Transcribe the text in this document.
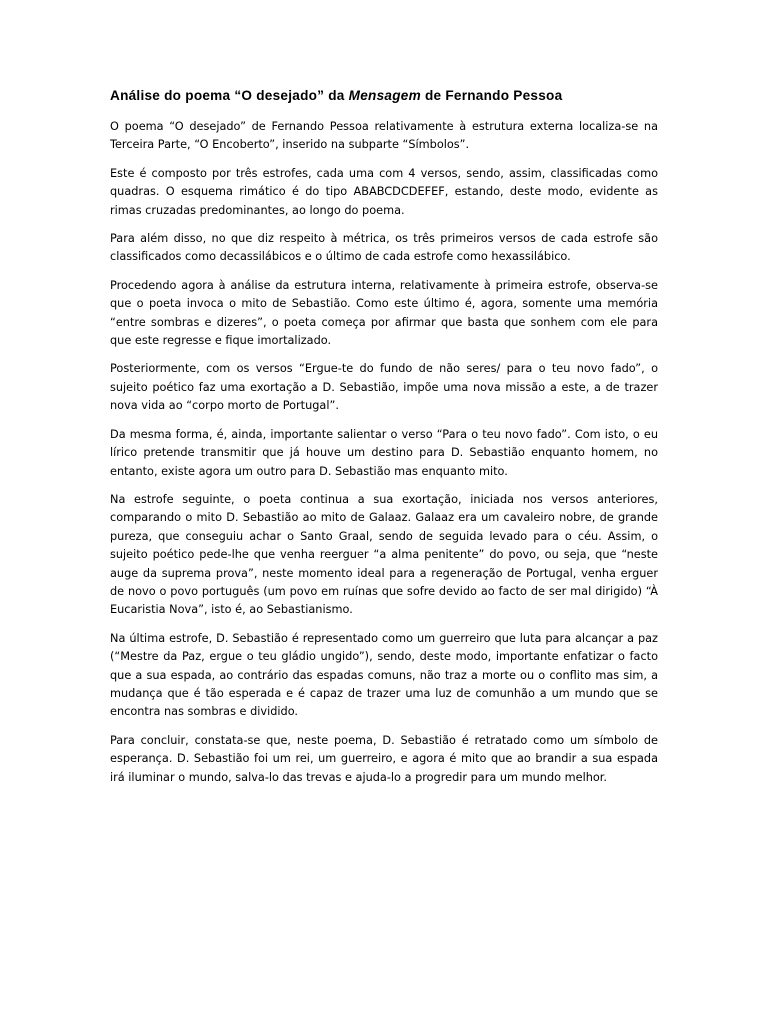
Análise do poema “O desejado” da Mensagem de Fernando Pessoa

O poema “O desejado” de Fernando Pessoa relativamente à estrutura externa localiza-se na Terceira Parte, “O Encoberto”, inserido na subparte “Símbolos”.

Este é composto por três estrofes, cada uma com 4 versos, sendo, assim, classificadas como quadras. O esquema rimático é do tipo ABABCDCDEFEF, estando, deste modo, evidente as rimas cruzadas predominantes, ao longo do poema.

Para além disso, no que diz respeito à métrica, os três primeiros versos de cada estrofe são classificados como decassilábicos e o último de cada estrofe como hexassilábico.

Procedendo agora à análise da estrutura interna, relativamente à primeira estrofe, observa-se que o poeta invoca o mito de Sebastião. Como este último é, agora, somente uma memória “entre sombras e dizeres”, o poeta começa por afirmar que basta que sonhem com ele para que este regresse e fique imortalizado.

Posteriormente, com os versos “Ergue-te do fundo de não seres/ para o teu novo fado”, o sujeito poético faz uma exortação a D. Sebastião, impõe uma nova missão a este, a de trazer nova vida ao “corpo morto de Portugal”.

Da mesma forma, é, ainda, importante salientar o verso “Para o teu novo fado”. Com isto, o eu lírico pretende transmitir que já houve um destino para D. Sebastião enquanto homem, no entanto, existe agora um outro para D. Sebastião mas enquanto mito.

Na estrofe seguinte, o poeta continua a sua exortação, iniciada nos versos anteriores, comparando o mito D. Sebastião ao mito de Galaaz. Galaaz era um cavaleiro nobre, de grande pureza, que conseguiu achar o Santo Graal, sendo de seguida levado para o céu. Assim, o sujeito poético pede-lhe que venha reerguer “a alma penitente” do povo, ou seja, que “neste auge da suprema prova”, neste momento ideal para a regeneração de Portugal, venha erguer de novo o povo português (um povo em ruínas que sofre devido ao facto de ser mal dirigido) “À Eucaristia Nova”, isto é, ao Sebastianismo.

Na última estrofe, D. Sebastião é representado como um guerreiro que luta para alcançar a paz (“Mestre da Paz, ergue o teu gládio ungido”), sendo, deste modo, importante enfatizar o facto que a sua espada, ao contrário das espadas comuns, não traz a morte ou o conflito mas sim, a mudança que é tão esperada e é capaz de trazer uma luz de comunhão a um mundo que se encontra nas sombras e dividido.

Para concluir, constata-se que, neste poema, D. Sebastião é retratado como um símbolo de esperança. D. Sebastião foi um rei, um guerreiro, e agora é mito que ao brandir a sua espada irá iluminar o mundo, salva-lo das trevas e ajuda-lo a progredir para um mundo melhor.
